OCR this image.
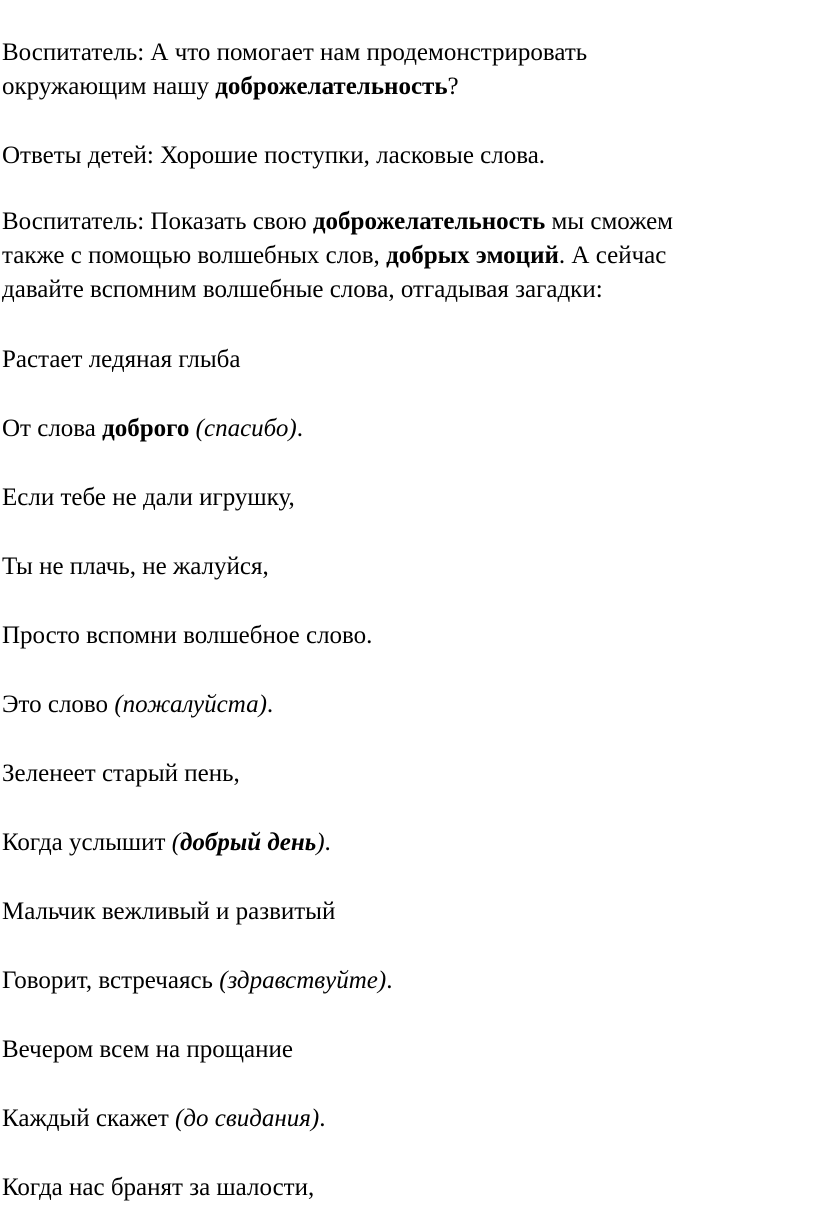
Воспитатель: А что помогает нам продемонстрировать
окружающим нашу доброжелательность?

Ответы детей: Хорошие поступки, ласковые слова.

Воспитатель: Показать свою доброжелательность мы сможем
также с помощью волшебных слов, добрых эмоций. А сейчас
давайте вспомним волшебные слова, отгадывая загадки:

Растает ледяная глыба

От слова доброго (спасибо).

Если тебе не дали игрушку,

Ты не плачь, не жалуйся,

Просто вспомни волшебное слово.

Это слово (пожалуйста).

Зеленеет старый пень,

Когда услышит (добрый день).

Мальчик вежливый и развитый

Говорит, встречаясь (здравствуйте).

Вечером всем на прощание

Каждый скажет (до свидания).

Когда нас бранят за шалости,
